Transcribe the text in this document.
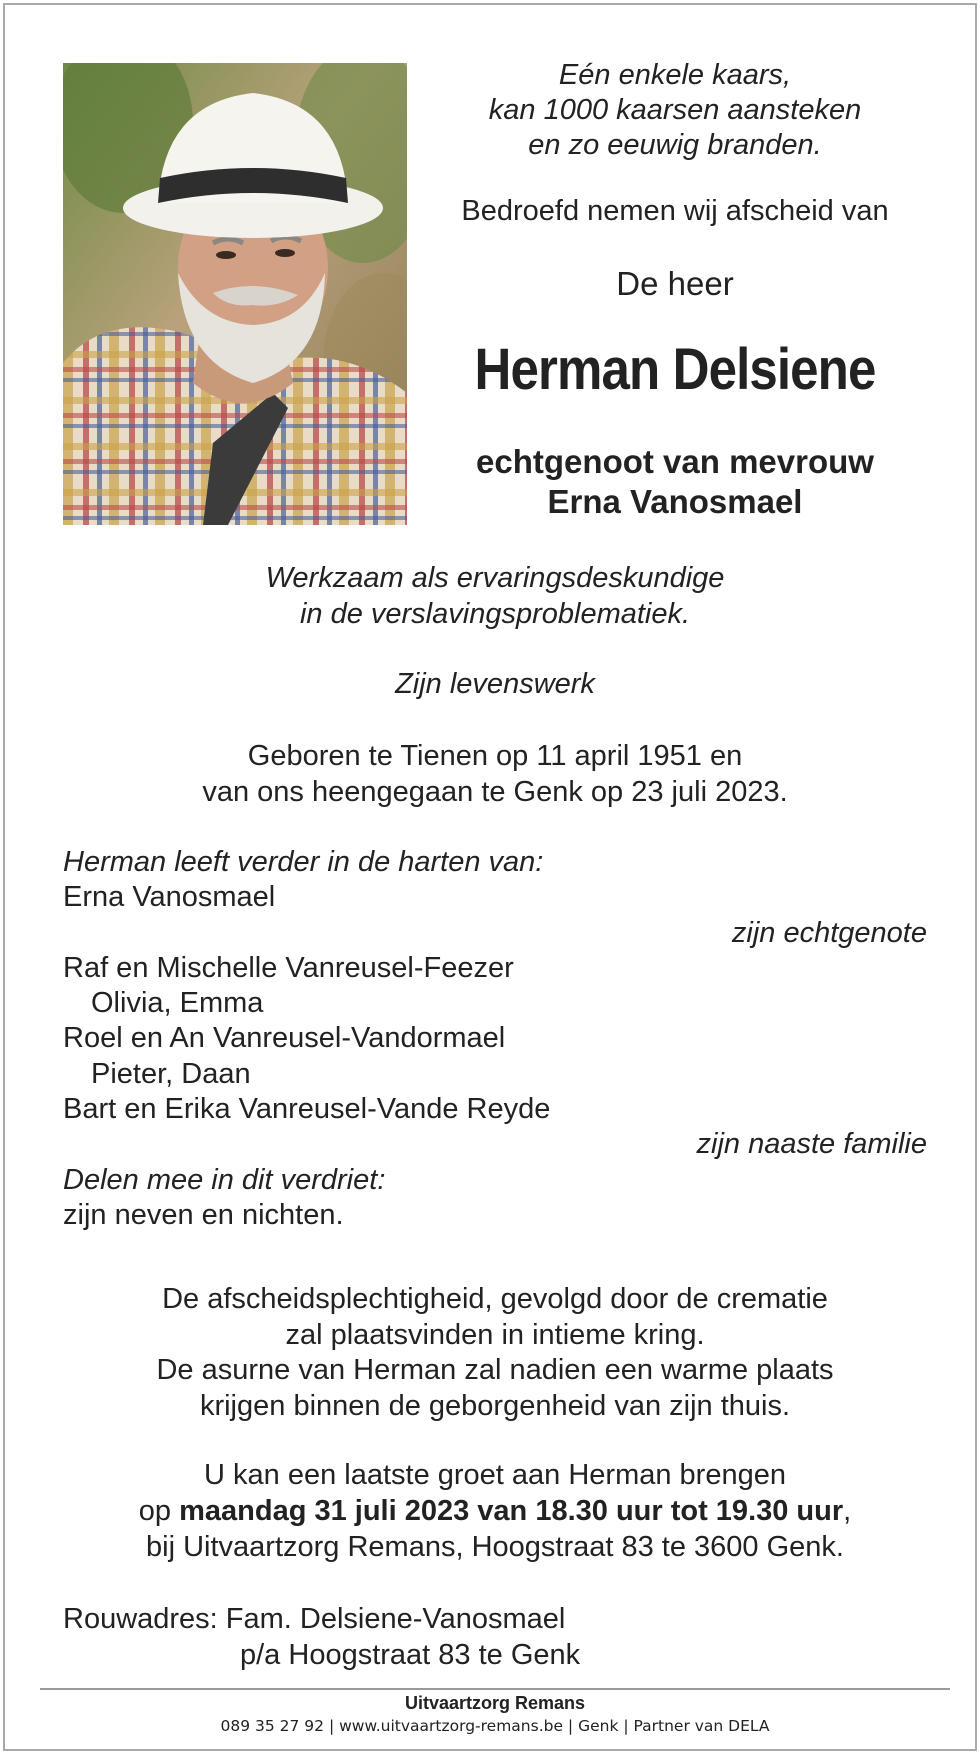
Eén enkele kaars,
kan 1000 kaarsen aansteken
en zo eeuwig branden.
Bedroefd nemen wij afscheid van
De heer
Herman Delsiene
echtgenoot van mevrouw
Erna Vanosmael
Werkzaam als ervaringsdeskundige
in de verslavingsproblematiek.
Zijn levenswerk
Geboren te Tienen op 11 april 1951 en
van ons heengegaan te Genk op 23 juli 2023.
Herman leeft verder in de harten van:
Erna Vanosmael
zijn echtgenote
Raf en Mischelle Vanreusel-Feezer
Olivia, Emma
Roel en An Vanreusel-Vandormael
Pieter, Daan
Bart en Erika Vanreusel-Vande Reyde
zijn naaste familie
Delen mee in dit verdriet:
zijn neven en nichten.
De afscheidsplechtigheid, gevolgd door de crematie
zal plaatsvinden in intieme kring.
De asurne van Herman zal nadien een warme plaats
krijgen binnen de geborgenheid van zijn thuis.
U kan een laatste groet aan Herman brengen
op maandag 31 juli 2023 van 18.30 uur tot 19.30 uur,
bij Uitvaartzorg Remans, Hoogstraat 83 te 3600 Genk.
Rouwadres: Fam. Delsiene-Vanosmael
p/a Hoogstraat 83 te Genk
Uitvaartzorg Remans
089 35 27 92 | www.uitvaartzorg-remans.be | Genk | Partner van DELA
